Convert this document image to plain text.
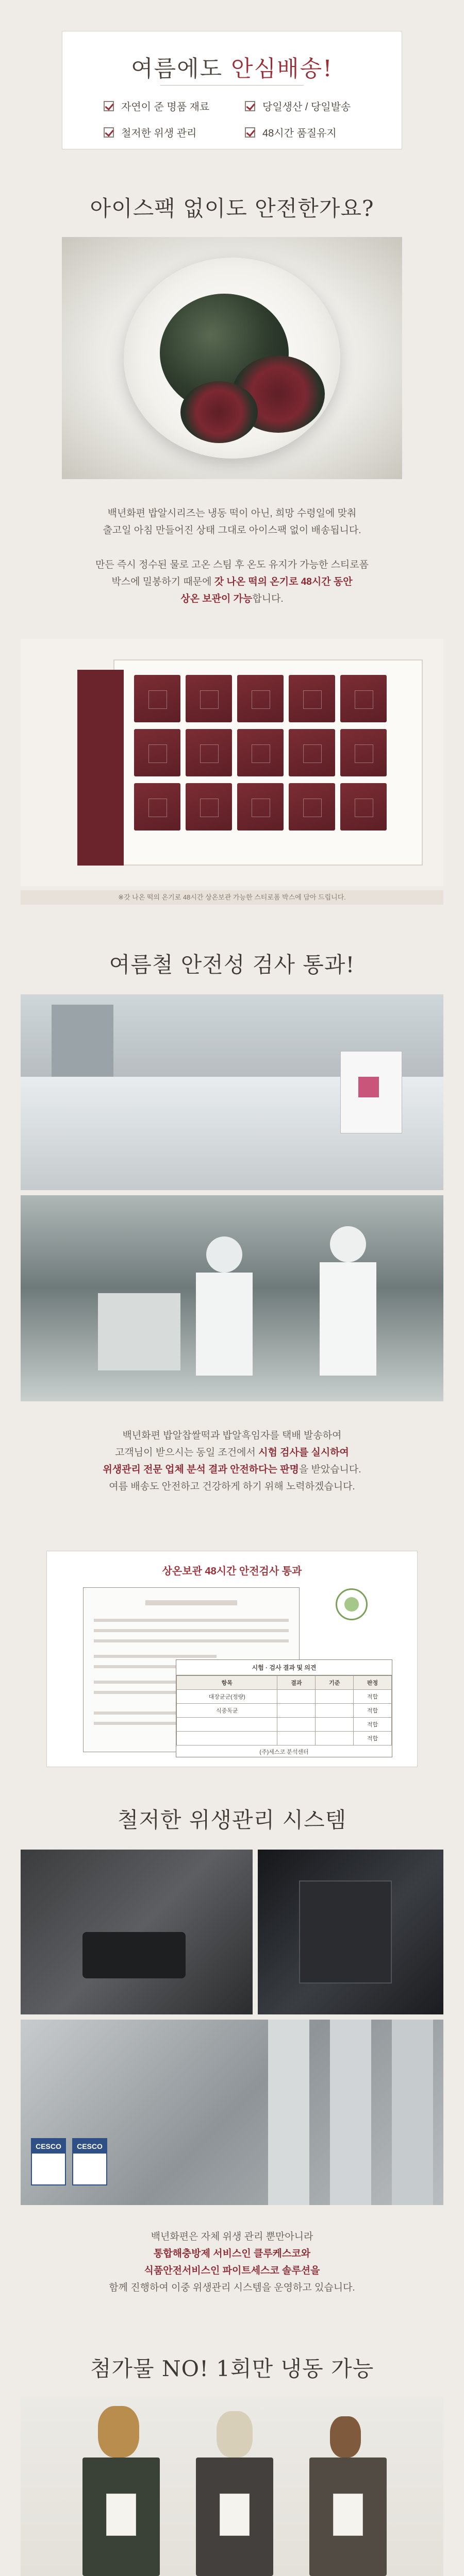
여름에도 안심배송!
자연이 준 명품 재료	당일생산 / 당일발송
철저한 위생 관리	48시간 품질유지
아이스팩 없이도 안전한가요?
백년화편 밥알시리즈는 냉동 떡이 아닌, 희망 수령일에 맞춰
출고일 아침 만들어진 상태 그대로 아이스팩 없이 배송됩니다.
만든 즉시 정수된 물로 고온 스팀 후 온도 유지가 가능한 스티로폼
박스에 밀봉하기 때문에 갓 나온 떡의 온기로 48시간 동안
상온 보관이 가능합니다.
※갓 나온 떡의 온기로 48시간 상온보관 가능한 스티로폼 박스에 담아 드립니다.
여름철 안전성 검사 통과!
백년화편 밥알찹쌀떡과 밥알흑임자를 택배 발송하여
고객님이 받으시는 동일 조건에서 시험 검사를 실시하여
위생관리 전문 업체 분석 결과 안전하다는 판명을 받았습니다.
여름 배송도 안전하고 건강하게 하기 위해 노력하겠습니다.
상온보관 48시간 안전검사 통과
시험 · 검사 결과 및 의견
항목	결과	기준	판정
대장균군(정량)			적합
식중독균			적합
			적합
			적합
(주)세스코 분석센터
철저한 위생관리 시스템
CESCO	CESCO
백년화편은 자체 위생 관리 뿐만아니라
통합해충방제 서비스인 클루케스코와
식품안전서비스인 파이트세스코 솔루션을
함께 진행하여 이중 위생관리 시스템을 운영하고 있습니다.
첨가물 NO! 1회만 냉동 가능
